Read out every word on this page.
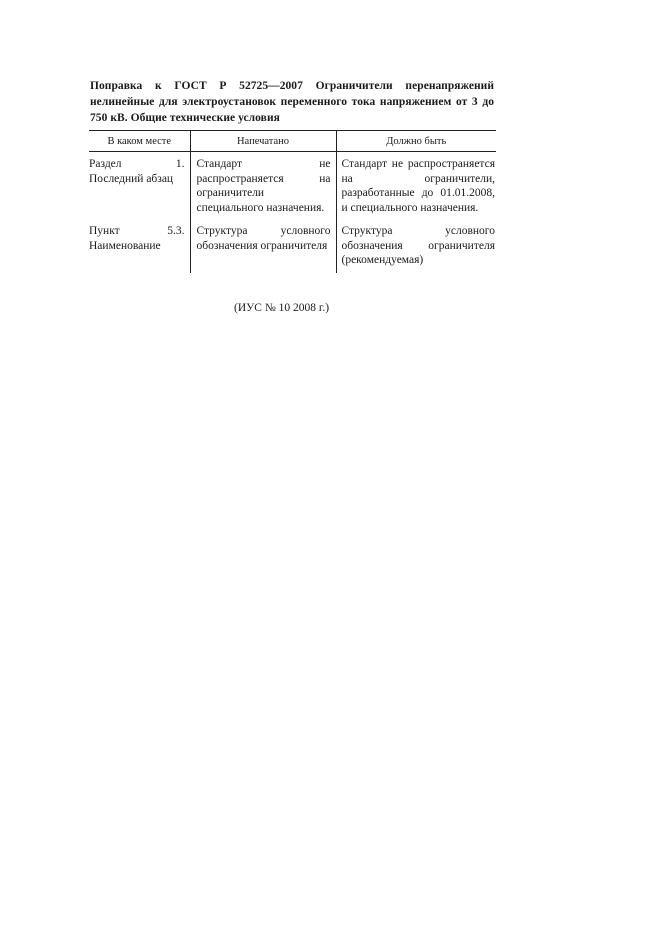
Поправка к ГОСТ Р 52725—2007 Ограничители перенапряжений нелинейные для электроустановок переменного тока напряжением от 3 до 750 кВ. Общие технические условия
В каком месте	Напечатано	Должно быть
Раздел 1. Последний абзац	Стандарт не распространяется на ограничители специального назначения.	Стандарт не распространяется на ограничители, разработанные до 01.01.2008, и специального назначения.
Пункт 5.3. Наименование	Структура условного обозначения ограничителя	Структура условного обозначения ограничителя (рекомендуемая)
(ИУС № 10 2008 г.)
